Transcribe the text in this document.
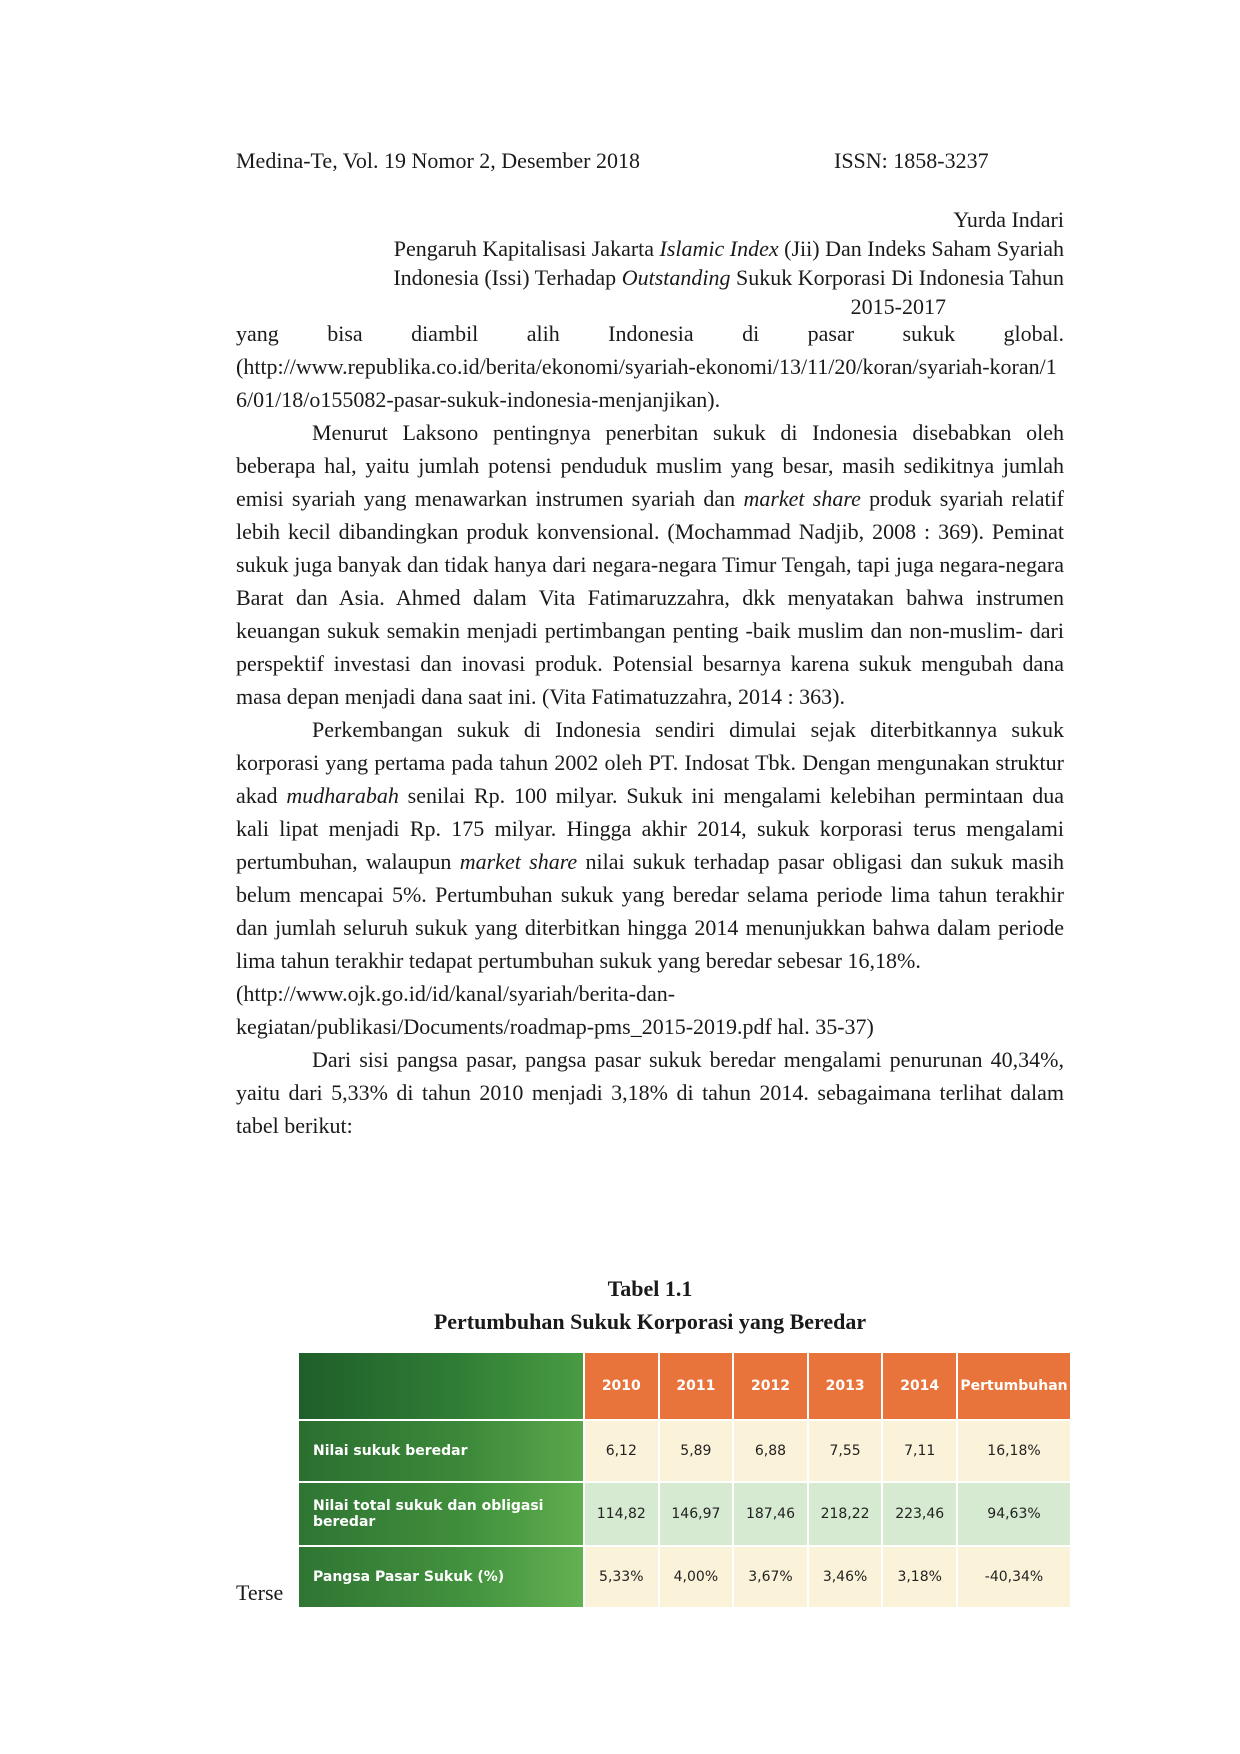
Medina-Te, Vol. 19 Nomor 2, Desember 2018	ISSN: 1858-3237
Yurda Indari
Pengaruh Kapitalisasi Jakarta Islamic Index (Jii) Dan Indeks Saham Syariah
Indonesia (Issi) Terhadap Outstanding Sukuk Korporasi Di Indonesia Tahun
2015-2017

yang bisa diambil alih Indonesia di pasar sukuk global.

(http://www.republika.co.id/berita/ekonomi/syariah-ekonomi/13/11/20/koran/syariah-koran/16/01/18/o155082-pasar-sukuk-indonesia-menjanjikan).

Menurut Laksono pentingnya penerbitan sukuk di Indonesia disebabkan oleh beberapa hal, yaitu jumlah potensi penduduk muslim yang besar, masih sedikitnya jumlah emisi syariah yang menawarkan instrumen syariah dan market share produk syariah relatif lebih kecil dibandingkan produk konvensional. (Mochammad Nadjib, 2008 : 369). Peminat sukuk juga banyak dan tidak hanya dari negara-negara Timur Tengah, tapi juga negara-negara Barat dan Asia. Ahmed dalam Vita Fatimaruzzahra, dkk menyatakan bahwa instrumen keuangan sukuk semakin menjadi pertimbangan penting -baik muslim dan non-muslim- dari perspektif investasi dan inovasi produk. Potensial besarnya karena sukuk mengubah dana masa depan menjadi dana saat ini. (Vita Fatimatuzzahra, 2014 : 363).

Perkembangan sukuk di Indonesia sendiri dimulai sejak diterbitkannya sukuk korporasi yang pertama pada tahun 2002 oleh PT. Indosat Tbk. Dengan mengunakan struktur akad mudharabah senilai Rp. 100 milyar. Sukuk ini mengalami kelebihan permintaan dua kali lipat menjadi Rp. 175 milyar. Hingga akhir 2014, sukuk korporasi terus mengalami pertumbuhan, walaupun market share nilai sukuk terhadap pasar obligasi dan sukuk masih belum mencapai 5%. Pertumbuhan sukuk yang beredar selama periode lima tahun terakhir dan jumlah seluruh sukuk yang diterbitkan hingga 2014 menunjukkan bahwa dalam periode lima tahun terakhir tedapat pertumbuhan sukuk yang beredar sebesar 16,18%.

(http://www.ojk.go.id/id/kanal/syariah/berita-dan-

kegiatan/publikasi/Documents/roadmap-pms_2015-2019.pdf hal. 35-37)

Dari sisi pangsa pasar, pangsa pasar sukuk beredar mengalami penurunan 40,34%, yaitu dari 5,33% di tahun 2010 menjadi 3,18% di tahun 2014. sebagaimana terlihat dalam tabel berikut:

Tabel 1.1
Pertumbuhan Sukuk Korporasi yang Beredar
Terse
	2010	2011	2012	2013	2014	Pertumbuhan
Nilai sukuk beredar	6,12	5,89	6,88	7,55	7,11	16,18%
Nilai total sukuk dan obligasi beredar	114,82	146,97	187,46	218,22	223,46	94,63%
Pangsa Pasar Sukuk (%)	5,33%	4,00%	3,67%	3,46%	3,18%	-40,34%
